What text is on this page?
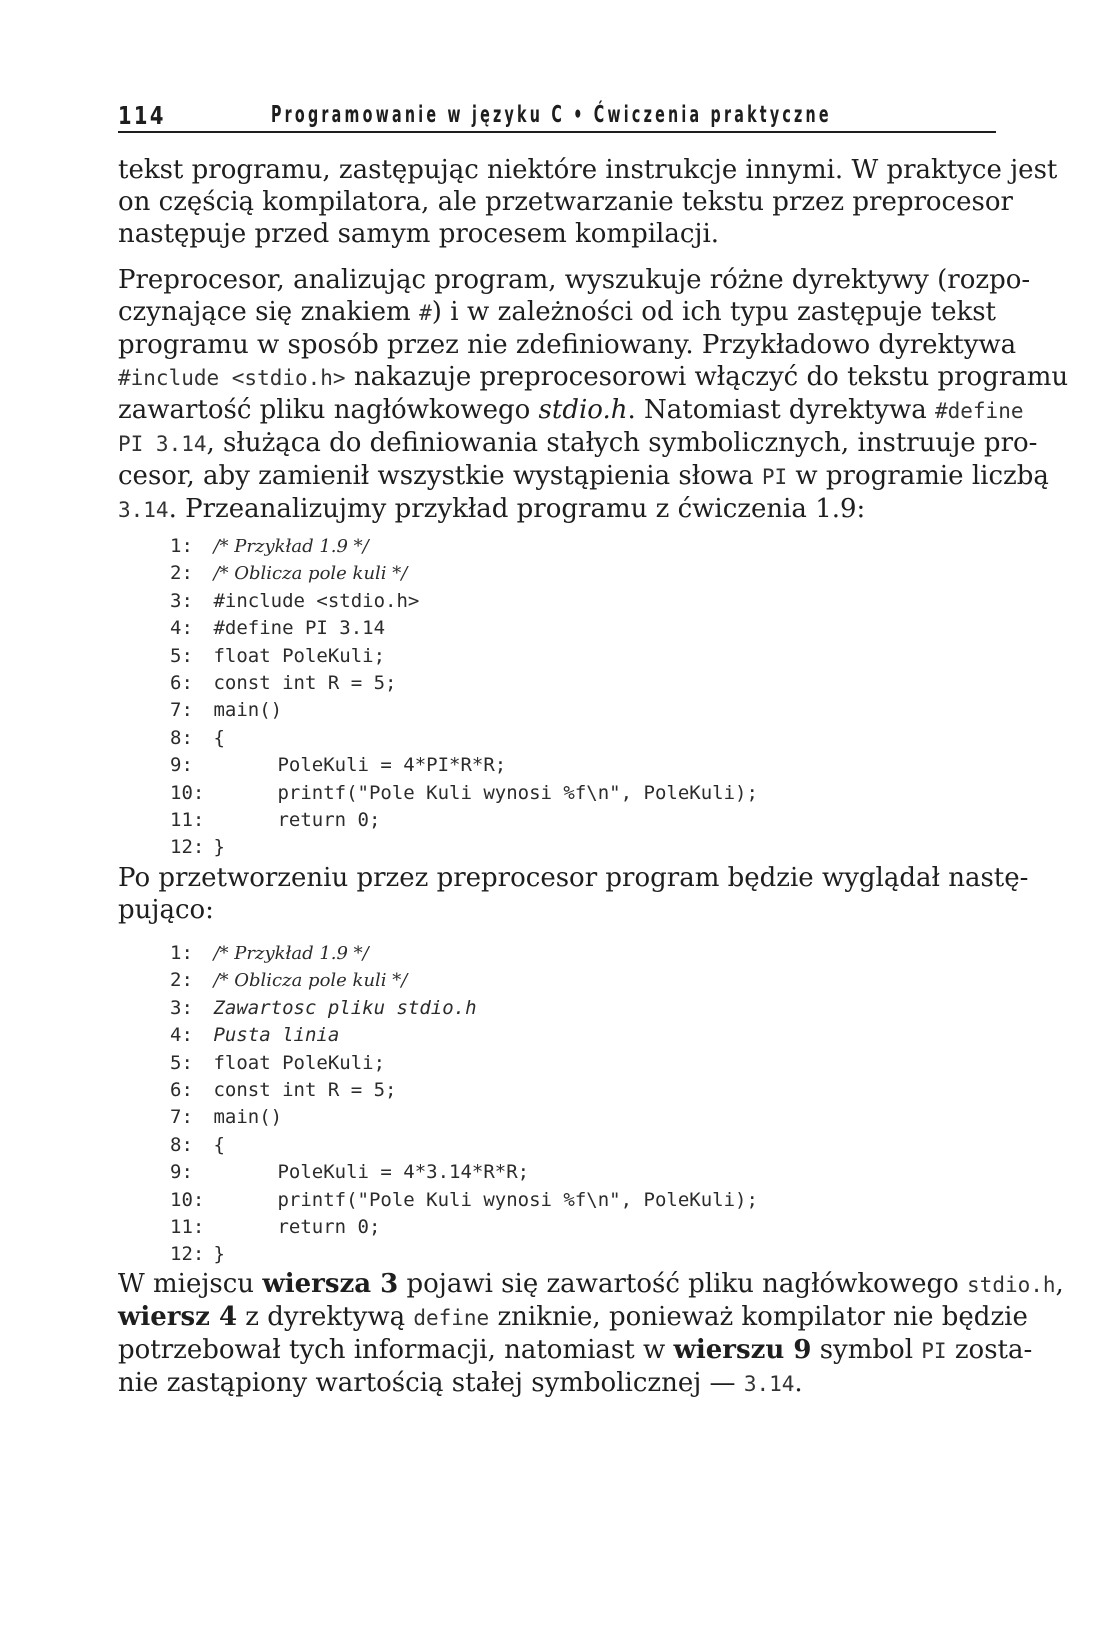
114	Programowanie w języku C • Ćwiczenia praktyczne

tekst programu, zastępując niektóre instrukcje innymi. W praktyce jest
on częścią kompilatora, ale przetwarzanie tekstu przez preprocesor
następuje przed samym procesem kompilacji.

Preprocesor, analizując program, wyszukuje różne dyrektywy (rozpo-
czynające się znakiem #) i w zależności od ich typu zastępuje tekst
programu w sposób przez nie zdefiniowany. Przykładowo dyrektywa
#include <stdio.h> nakazuje preprocesorowi włączyć do tekstu programu
zawartość pliku nagłówkowego stdio.h. Natomiast dyrektywa #define
PI 3.14, służąca do definiowania stałych symbolicznych, instruuje pro-
cesor, aby zamienił wszystkie wystąpienia słowa PI w programie liczbą
3.14. Przeanalizujmy przykład programu z ćwiczenia 1.9:

1: /* Przykład 1.9 */
2: /* Oblicza pole kuli */
3: #include <stdio.h>
4: #define PI 3.14
5: float PoleKuli;
6: const int R = 5;
7: main()
8: {
9:	PoleKuli = 4*PI*R*R;
10:	printf("Pole Kuli wynosi %f\n", PoleKuli);
11:	return 0;
12: }

Po przetworzeniu przez preprocesor program będzie wyglądał nastę-
pująco:

1: /* Przykład 1.9 */
2: /* Oblicza pole kuli */
3: Zawartosc pliku stdio.h
4: Pusta linia
5: float PoleKuli;
6: const int R = 5;
7: main()
8: {
9:	PoleKuli = 4*3.14*R*R;
10:	printf("Pole Kuli wynosi %f\n", PoleKuli);
11:	return 0;
12: }

W miejscu wiersza 3 pojawi się zawartość pliku nagłówkowego stdio.h,
wiersz 4 z dyrektywą define zniknie, ponieważ kompilator nie będzie
potrzebował tych informacji, natomiast w wierszu 9 symbol PI zosta-
nie zastąpiony wartością stałej symbolicznej — 3.14.
